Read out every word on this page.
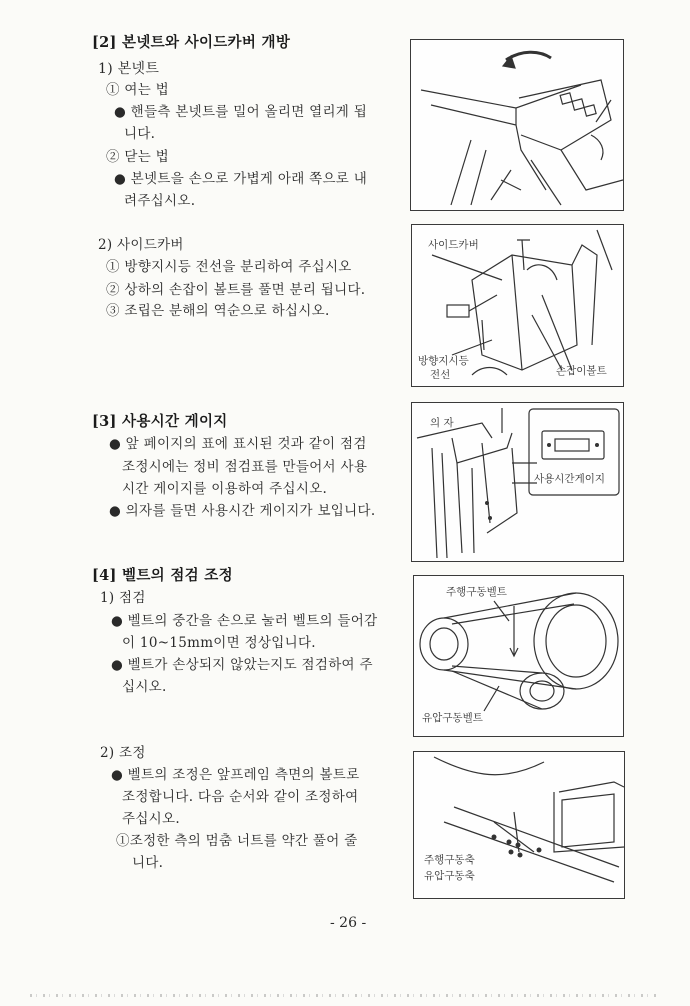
[2] 본넷트와 사이드카버 개방
1) 본넷트
① 여는 법
● 핸들측 본넷트를 밀어 올리면 열리게 됩
니다.
② 닫는 법
● 본넷트을 손으로 가볍게 아래 쪽으로 내
려주십시오.
2) 사이드카버
① 방향지시등 전선을 분리하여 주십시오
② 상하의 손잡이 볼트를 풀면 분리 됩니다.
③ 조립은 분해의 역순으로 하십시오.
사이드카버
방향지시등
전선	손잡이볼트
[3] 사용시간 게이지
● 앞 페이지의 표에 표시된 것과 같이 점검
조정시에는 정비 점검표를 만들어서 사용
시간 게이지를 이용하여 주십시오.
● 의자를 들면 사용시간 게이지가 보입니다.
의 자
사용시간게이지
[4] 벨트의 점검 조정
1) 점검
● 벨트의 중간을 손으로 눌러 벨트의 들어감
이 10~15mm이면 정상입니다.
● 벨트가 손상되지 않았는지도 점검하여 주
십시오.
2) 조정
● 벨트의 조정은 앞프레임 측면의 볼트로
조정합니다. 다음 순서와 같이 조정하여
주십시오.
①조정한 측의 멈춤 너트를 약간 풀어 줄
니다.
주행구동벨트
유압구동벨트
주행구동축
유압구동축
- 26 -
